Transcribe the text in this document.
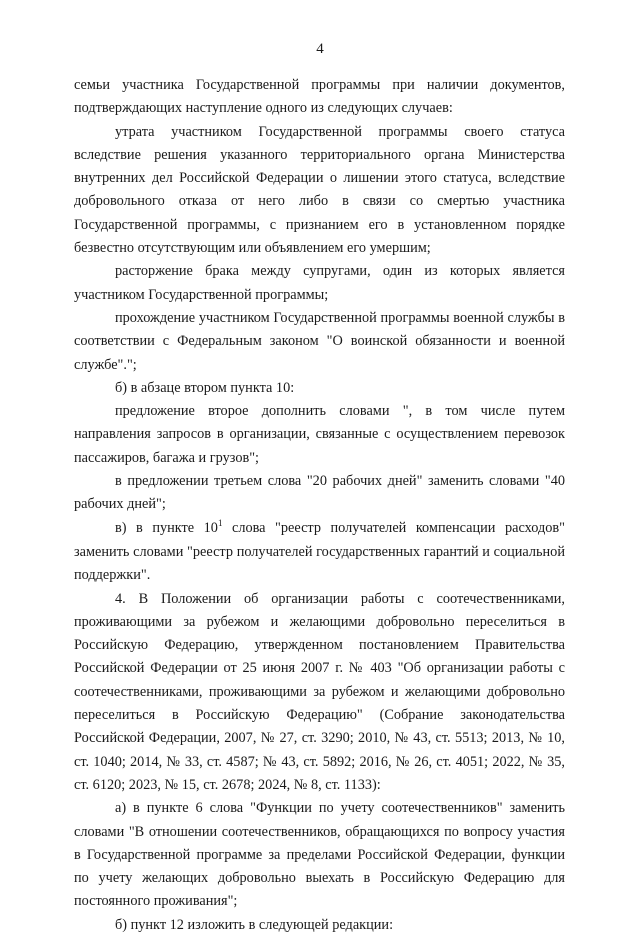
4

семьи участника Государственной программы при наличии документов, подтверждающих наступление одного из следующих случаев:

утрата участником Государственной программы своего статуса вследствие решения указанного территориального органа Министерства внутренних дел Российской Федерации о лишении этого статуса, вследствие добровольного отказа от него либо в связи со смертью участника Государственной программы, с признанием его в установленном порядке безвестно отсутствующим или объявлением его умершим;

расторжение брака между супругами, один из которых является участником Государственной программы;

прохождение участником Государственной программы военной службы в соответствии с Федеральным законом "О воинской обязанности и военной службе".";

б) в абзаце втором пункта 10:

предложение второе дополнить словами ", в том числе путем направления запросов в организации, связанные с осуществлением перевозок пассажиров, багажа и грузов";

в предложении третьем слова "20 рабочих дней" заменить словами "40 рабочих дней";

в) в пункте $10^1$ слова "реестр получателей компенсации расходов" заменить словами "реестр получателей государственных гарантий и социальной поддержки".

4. В Положении об организации работы с соотечественниками, проживающими за рубежом и желающими добровольно переселиться в Российскую Федерацию, утвержденном постановлением Правительства Российской Федерации от 25 июня 2007 г. № 403 "Об организации работы с соотечественниками, проживающими за рубежом и желающими добровольно переселиться в Российскую Федерацию" (Собрание законодательства Российской Федерации, 2007, № 27, ст. 3290; 2010, № 43, ст. 5513; 2013, № 10, ст. 1040; 2014, № 33, ст. 4587; № 43, ст. 5892; 2016, № 26, ст. 4051; 2022, № 35, ст. 6120; 2023, № 15, ст. 2678; 2024, № 8, ст. 1133):

а) в пункте 6 слова "Функции по учету соотечественников" заменить словами "В отношении соотечественников, обращающихся по вопросу участия в Государственной программе за пределами Российской Федерации, функции по учету желающих добровольно выехать в Российскую Федерацию для постоянного проживания";

б) пункт 12 изложить в следующей редакции:
